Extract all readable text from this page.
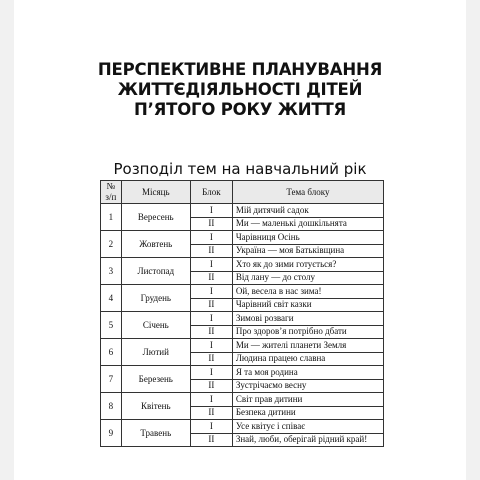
ПЕРСПЕКТИВНЕ ПЛАНУВАННЯ
ЖИТТЄДІЯЛЬНОСТІ ДІТЕЙ
П’ЯТОГО РОКУ ЖИТТЯ
Розподіл тем на навчальний рік
№ з/п	Місяць	Блок	Тема блоку
1	Вересень	I	Мій дитячий садок
		II	Ми — маленькі дошкільнята
2	Жовтень	I	Чарівниця Осінь
		II	Україна — моя Батьківщина
3	Листопад	I	Хто як до зими готується?
		II	Від лану — до столу
4	Грудень	I	Ой, весела в нас зима!
		II	Чарівний світ казки
5	Січень	I	Зимові розваги
		II	Про здоров’я потрібно дбати
6	Лютий	I	Ми — жителі планети Земля
		II	Людина працею славна
7	Березень	I	Я та моя родина
		II	Зустрічаємо весну
8	Квітень	I	Світ прав дитини
		II	Безпека дитини
9	Травень	I	Усе квітує і співає
		II	Знай, люби, оберігай рідний край!
